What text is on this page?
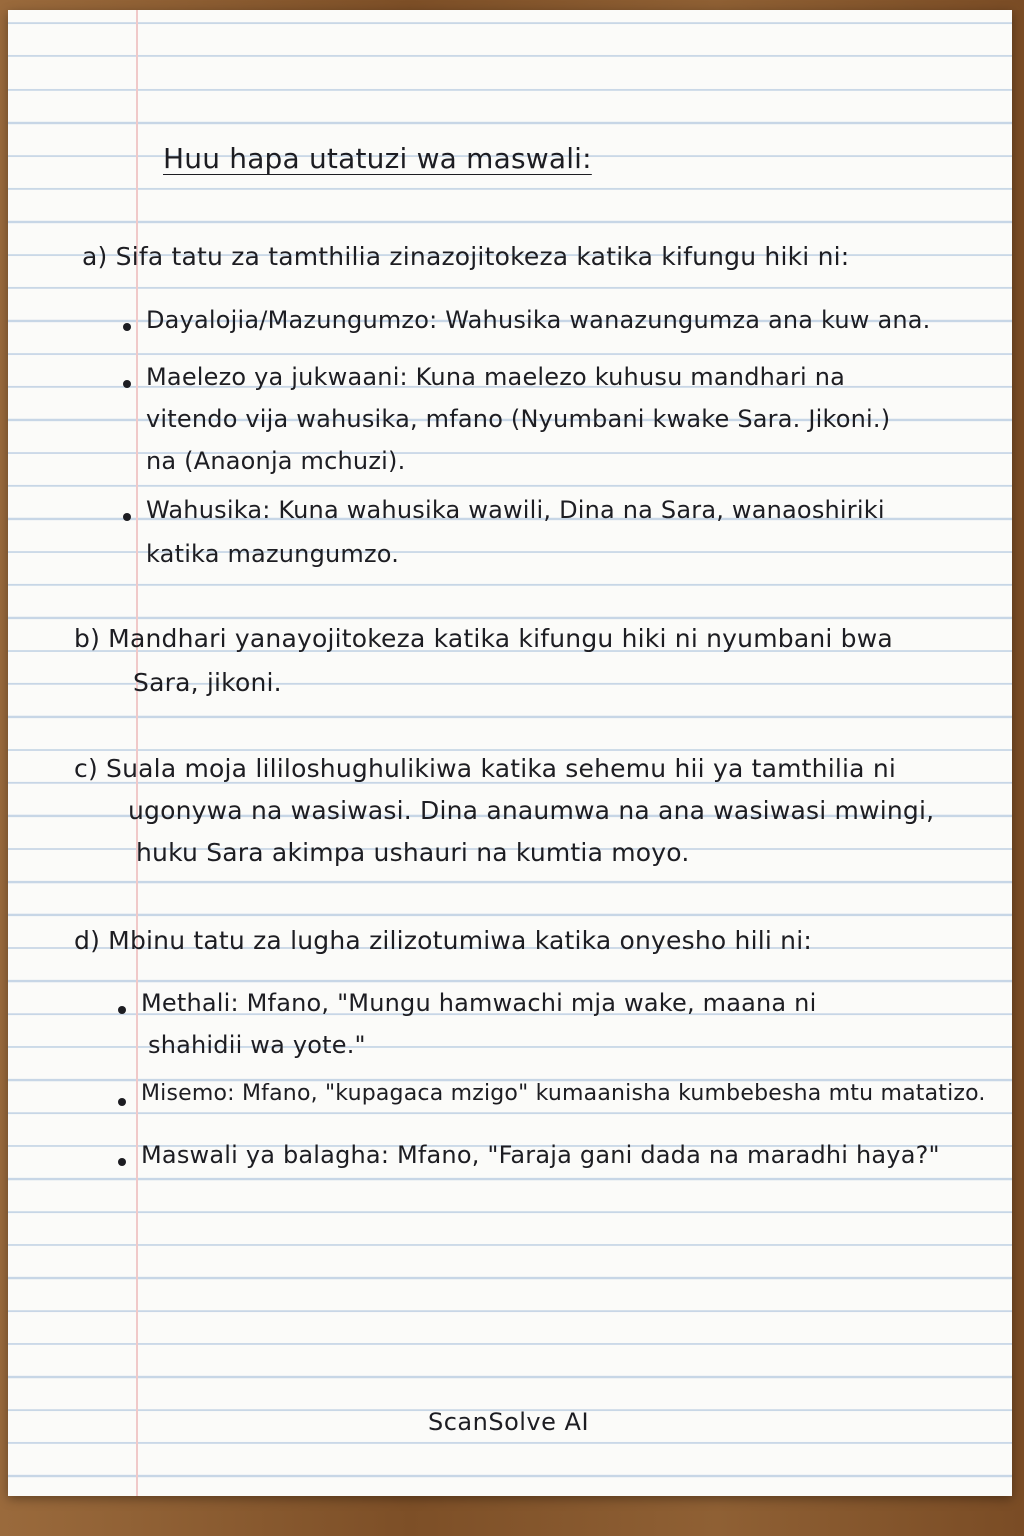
Huu hapa utatuzi wa maswali:
a) Sifa tatu za tamthilia zinazojitokeza katika kifungu hiki ni:
Dayalojia/Mazungumzo: Wahusika wanazungumza ana kuw ana.
Maelezo ya jukwaani: Kuna maelezo kuhusu mandhari na
vitendo vija wahusika, mfano (Nyumbani kwake Sara. Jikoni.)
na (Anaonja mchuzi).
Wahusika: Kuna wahusika wawili, Dina na Sara, wanaoshiriki
katika mazungumzo.
b) Mandhari yanayojitokeza katika kifungu hiki ni nyumbani bwa
Sara, jikoni.
c) Suala moja lililoshughulikiwa katika sehemu hii ya tamthilia ni
ugonywa na wasiwasi. Dina anaumwa na ana wasiwasi mwingi,
huku Sara akimpa ushauri na kumtia moyo.
d) Mbinu tatu za lugha zilizotumiwa katika onyesho hili ni:
Methali: Mfano, "Mungu hamwachi mja wake, maana ni
shahidii wa yote."
Misemo: Mfano, "kupagaca mzigo" kumaanisha kumbebesha mtu matatizo.
Maswali ya balagha: Mfano, "Faraja gani dada na maradhi haya?"
ScanSolve AI
